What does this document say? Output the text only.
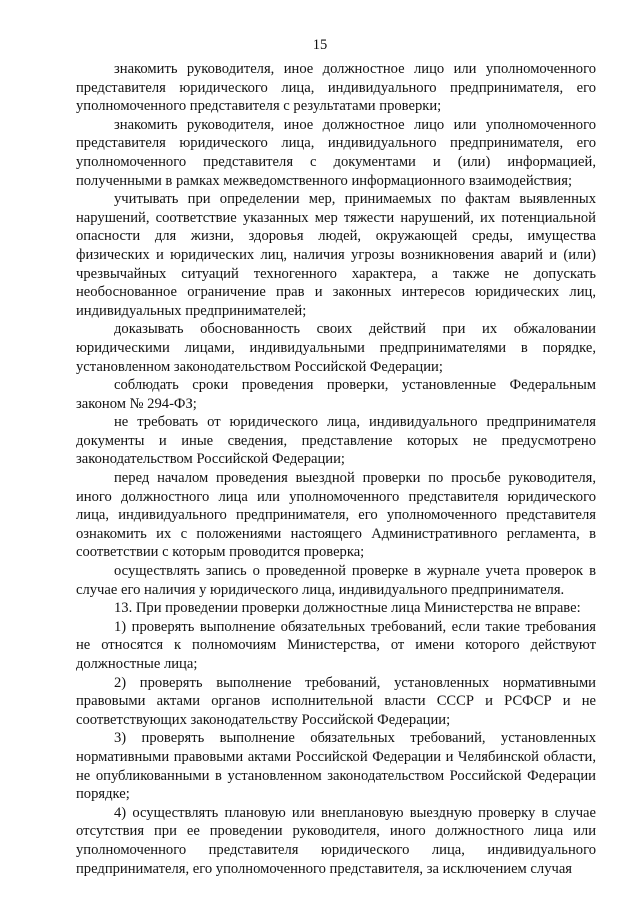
15

знакомить руководителя, иное должностное лицо или уполномоченного представителя юридического лица, индивидуального предпринимателя, его уполномоченного представителя с результатами проверки;

знакомить руководителя, иное должностное лицо или уполномоченного представителя юридического лица, индивидуального предпринимателя, его уполномоченного представителя с документами и (или) информацией, полученными в рамках межведомственного информационного взаимодействия;

учитывать при определении мер, принимаемых по фактам выявленных нарушений, соответствие указанных мер тяжести нарушений, их потенциальной опасности для жизни, здоровья людей, окружающей среды, имущества физических и юридических лиц, наличия угрозы возникновения аварий и (или) чрезвычайных ситуаций техногенного характера, а также не допускать необоснованное ограничение прав и законных интересов юридических лиц, индивидуальных предпринимателей;

доказывать обоснованность своих действий при их обжаловании юридическими лицами, индивидуальными предпринимателями в порядке, установленном законодательством Российской Федерации;

соблюдать сроки проведения проверки, установленные Федеральным законом № 294-ФЗ;

не требовать от юридического лица, индивидуального предпринимателя документы и иные сведения, представление которых не предусмотрено законодательством Российской Федерации;

перед началом проведения выездной проверки по просьбе руководителя, иного должностного лица или уполномоченного представителя юридического лица, индивидуального предпринимателя, его уполномоченного представителя ознакомить их с положениями настоящего Административного регламента, в соответствии с которым проводится проверка;

осуществлять запись о проведенной проверке в журнале учета проверок в случае его наличия у юридического лица, индивидуального предпринимателя.

13. При проведении проверки должностные лица Министерства не вправе:

1) проверять выполнение обязательных требований, если такие требования не относятся к полномочиям Министерства, от имени которого действуют должностные лица;

2) проверять выполнение требований, установленных нормативными правовыми актами органов исполнительной власти СССР и РСФСР и не соответствующих законодательству Российской Федерации;

3) проверять выполнение обязательных требований, установленных нормативными правовыми актами Российской Федерации и Челябинской области, не опубликованными в установленном законодательством Российской Федерации порядке;

4) осуществлять плановую или внеплановую выездную проверку в случае отсутствия при ее проведении руководителя, иного должностного лица или уполномоченного представителя юридического лица, индивидуального предпринимателя, его уполномоченного представителя, за исключением случая
